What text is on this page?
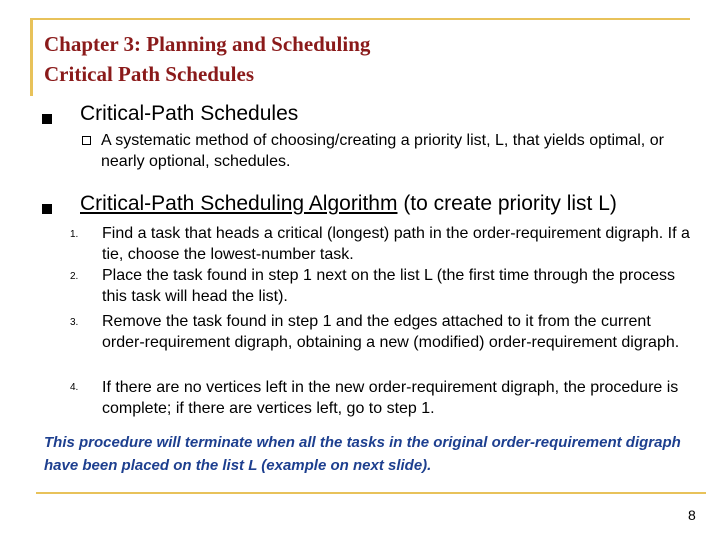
Chapter 3: Planning and Scheduling
Critical Path Schedules
Critical-Path Schedules
A systematic method of choosing/creating a priority list, L, that yields optimal, or nearly optional, schedules.
Critical-Path Scheduling Algorithm (to create priority list L)
1. Find a task that heads a critical (longest) path in the order-requirement digraph. If a tie, choose the lowest-number task.
2. Place the task found in step 1 next on the list L (the first time through the process this task will head the list).
3. Remove the task found in step 1 and the edges attached to it from the current order-requirement digraph, obtaining a new (modified) order-requirement digraph.
4. If there are no vertices left in the new order-requirement digraph, the procedure is complete; if there are vertices left, go to step 1.
This procedure will terminate when all the tasks in the original order-requirement digraph have been placed on the list L (example on next slide).
8
